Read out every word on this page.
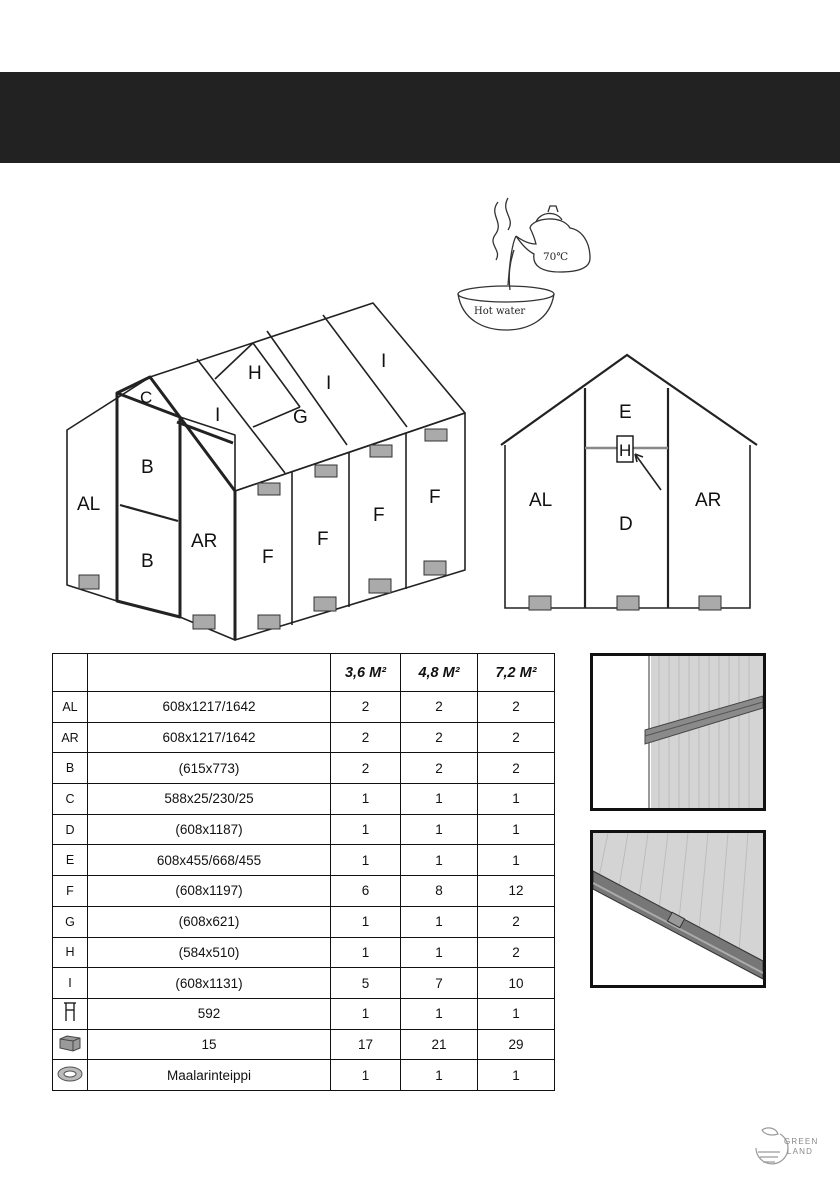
70℃
Hot water
AL
C
B
B
AR
I
H
G
I
I
F
F
F
F
E
H
D
AL	AR
		3,6 M²	4,8 M²	7,2 M²
AL	608x1217/1642	2	2	2
AR	608x1217/1642	2	2	2
B	(615x773)	2	2	2
C	588x25/230/25	1	1	1
D	(608x1187)	1	1	1
E	608x455/668/455	1	1	1
F	(608x1197)	6	8	12
G	(608x621)	1	1	2
H	(584x510)	1	1	2
I	(608x1131)	5	7	10
	592	1	1	1
	15	17	21	29
	Maalarinteippi	1	1	1
GREEN
LAND
